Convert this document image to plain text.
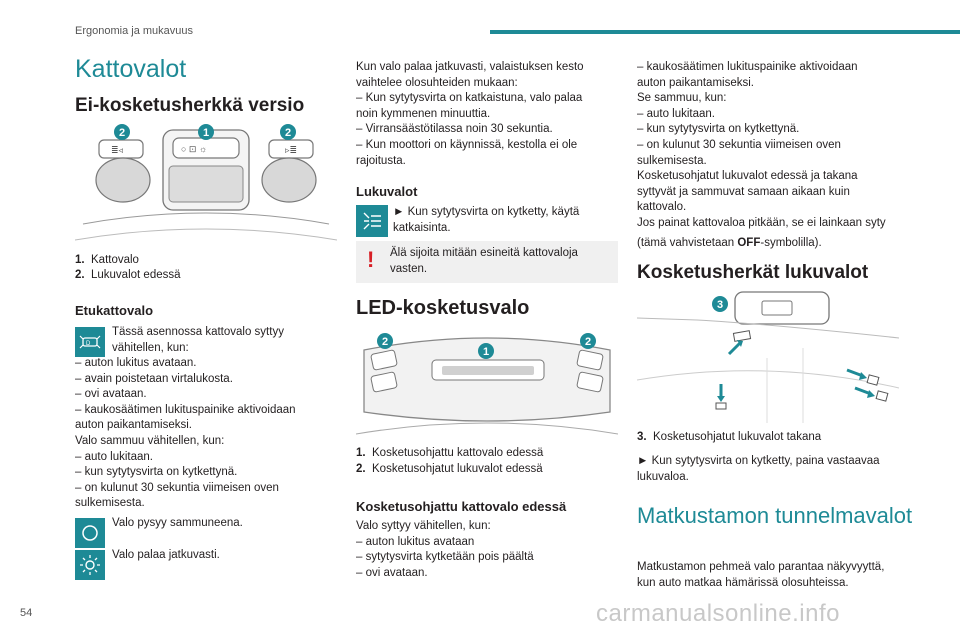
Ergonomia ja mukavuus
Kattovalot
Ei-kosketusherkkä versio
≣◃	▹≣
○ ⊡ ☼
2	1	2
1. Kattovalo
2. Lukuvalot edessä
Etukattovalo
D
Tässä asennossa kattovalo syttyy
vähitellen, kun:
– auton lukitus avataan.
– avain poistetaan virtalukosta.
– ovi avataan.
– kaukosäätimen lukituspainike aktivoidaan
auton paikantamiseksi.
Valo sammuu vähitellen, kun:
– auto lukitaan.
– kun sytytysvirta on kytkettynä.
– on kulunut 30 sekuntia viimeisen oven
sulkemisesta.
Valo pysyy sammuneena.
Valo palaa jatkuvasti.
Kun valo palaa jatkuvasti, valaistuksen kesto
vaihtelee olosuhteiden mukaan:
– Kun sytytysvirta on katkaistuna, valo palaa
noin kymmenen minuuttia.
– Virransäästötilassa noin 30 sekuntia.
– Kun moottori on käynnissä, kestolla ei ole
rajoitusta.
Lukuvalot
► Kun sytytysvirta on kytketty, käytä
katkaisinta.
! Älä sijoita mitään esineitä kattovaloja
vasten.
LED-kosketusvalo
2
1
2
1. Kosketusohjattu kattovalo edessä
2. Kosketusohjatut lukuvalot edessä
Kosketusohjattu kattovalo edessä
Valo syttyy vähitellen, kun:
– auton lukitus avataan
– sytytysvirta kytketään pois päältä
– ovi avataan.
– kaukosäätimen lukituspainike aktivoidaan
auton paikantamiseksi.
Se sammuu, kun:
– auto lukitaan.
– kun sytytysvirta on kytkettynä.
– on kulunut 30 sekuntia viimeisen oven
sulkemisesta.
Kosketusohjatut lukuvalot edessä ja takana
syttyvät ja sammuvat samaan aikaan kuin
kattovalo.
Jos painat kattovaloa pitkään, se ei lainkaan syty
(tämä vahvistetaan OFF-symbolilla).
Kosketusherkät lukuvalot
3
3. Kosketusohjatut lukuvalot takana
► Kun sytytysvirta on kytketty, paina vastaavaa
lukuvaloa.
Matkustamon tunnelmavalot
Matkustamon pehmeä valo parantaa näkyvyyttä,
kun auto matkaa hämärissä olosuhteissa.
54	carmanualsonline.info
